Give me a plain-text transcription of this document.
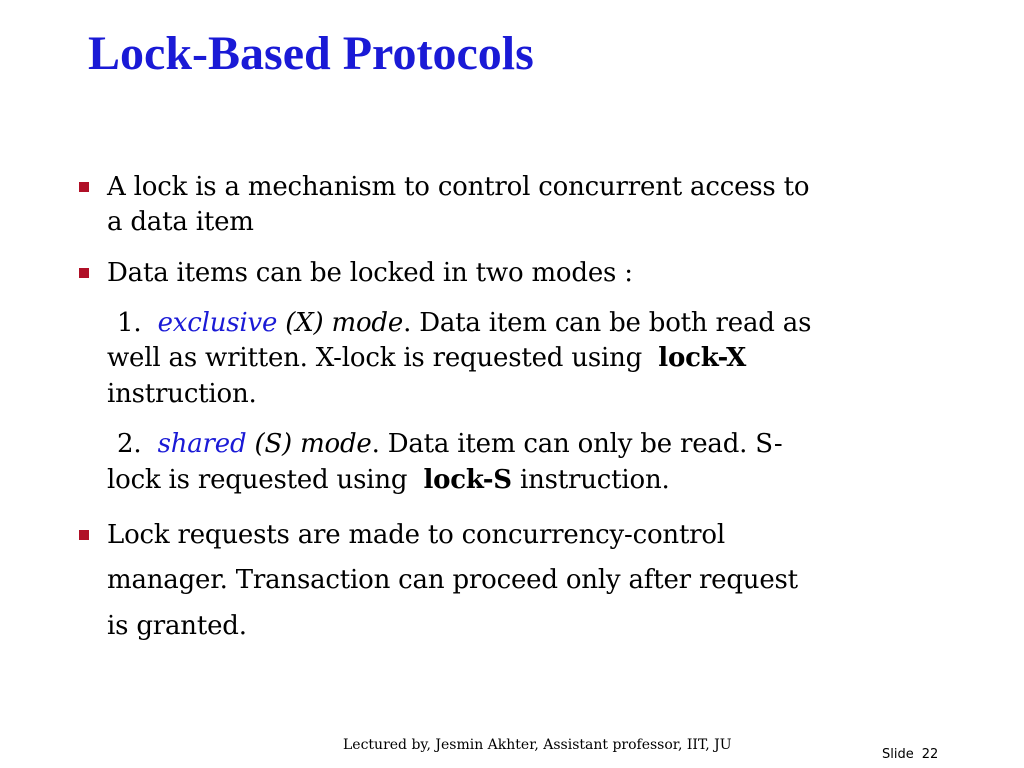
Lock-Based Protocols
A lock is a mechanism to control concurrent access to
a data item
Data items can be locked in two modes :
1. exclusive (X) mode. Data item can be both read as
well as written. X-lock is requested using lock-X
instruction.
2. shared (S) mode. Data item can only be read. S-
lock is requested using lock-S instruction.
Lock requests are made to concurrency-control
manager. Transaction can proceed only after request
is granted.
Lectured by, Jesmin Akhter, Assistant professor, IIT, JU
Slide 22
